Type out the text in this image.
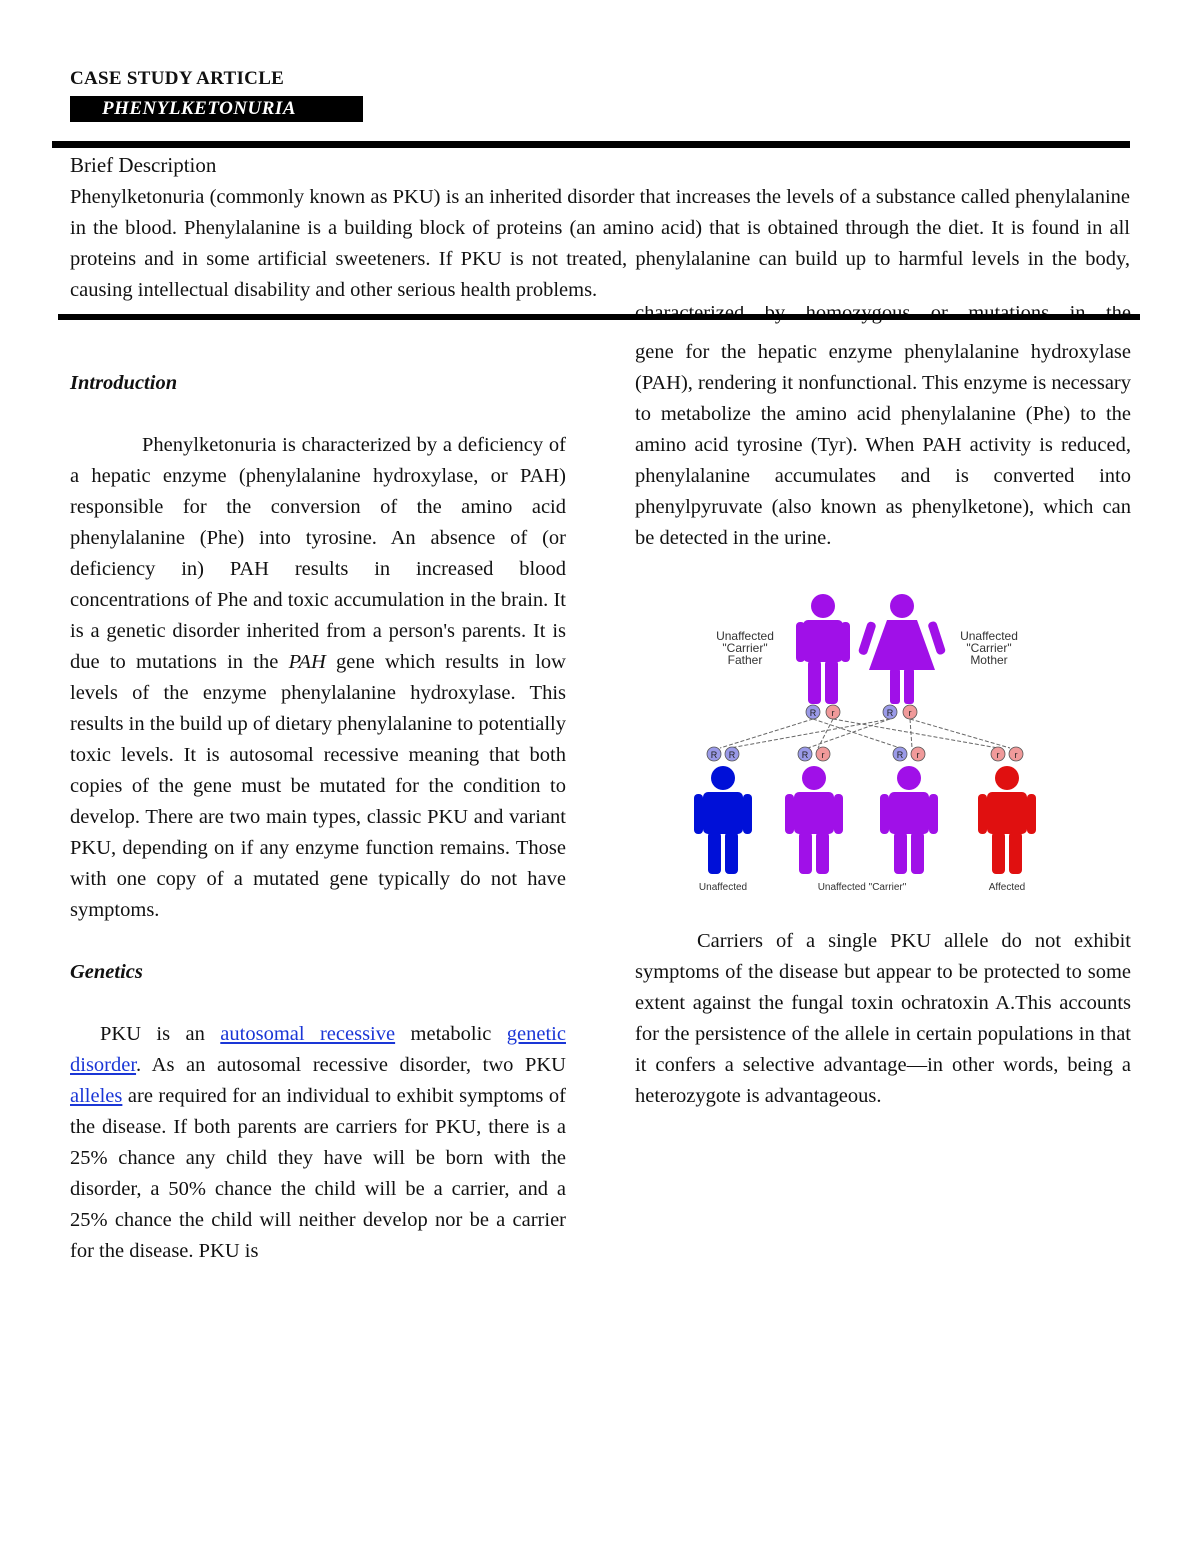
CASE STUDY ARTICLE
PHENYLKETONURIA
Brief Description
Phenylketonuria (commonly known as PKU) is an inherited disorder that increases the levels of a substance called phenylalanine in the blood. Phenylalanine is a building block of proteins (an amino acid) that is obtained through the diet. It is found in all proteins and in some artificial sweeteners. If PKU is not treated, phenylalanine can build up to harmful levels in the body, causing intellectual disability and other serious health problems.
Introduction
Phenylketonuria is characterized by a deficiency of a hepatic enzyme (phenylalanine hydroxylase, or PAH) responsible for the conversion of the amino acid phenylalanine (Phe) into tyrosine. An absence of (or deficiency in) PAH results in increased blood concentrations of Phe and toxic accumulation in the brain. It is a genetic disorder inherited from a person's parents. It is due to mutations in the PAH gene which results in low levels of the enzyme phenylalanine hydroxylase. This results in the build up of dietary phenylalanine to potentially toxic levels. It is autosomal recessive meaning that both copies of the gene must be mutated for the condition to develop. There are two main types, classic PKU and variant PKU, depending on if any enzyme function remains. Those with one copy of a mutated gene typically do not have symptoms.
Genetics
PKU is an autosomal recessive metabolic genetic disorder. As an autosomal recessive disorder, two PKU alleles are required for an individual to exhibit symptoms of the disease. If both parents are carriers for PKU, there is a 25% chance any child they have will be born with the disorder, a 50% chance the child will be a carrier, and a 25% chance the child will neither develop nor be a carrier for the disease. PKU is
gene for the hepatic enzyme phenylalanine hydroxylase (PAH), rendering it nonfunctional. This enzyme is necessary to metabolize the amino acid phenylalanine (Phe) to the amino acid tyrosine (Tyr). When PAH activity is reduced, phenylalanine accumulates and is converted into phenylpyruvate (also known as phenylketone), which can be detected in the urine.
Unaffected
"Carrier"
Father
Unaffected
"Carrier"
Mother
R r	R r
R R	R r	R r	r r
Unaffected	Unaffected "Carrier"	Affected
Carriers of a single PKU allele do not exhibit symptoms of the disease but appear to be protected to some extent against the fungal toxin ochratoxin A.This accounts for the persistence of the allele in certain populations in that it confers a selective advantage—in other words, being a heterozygote is advantageous.
